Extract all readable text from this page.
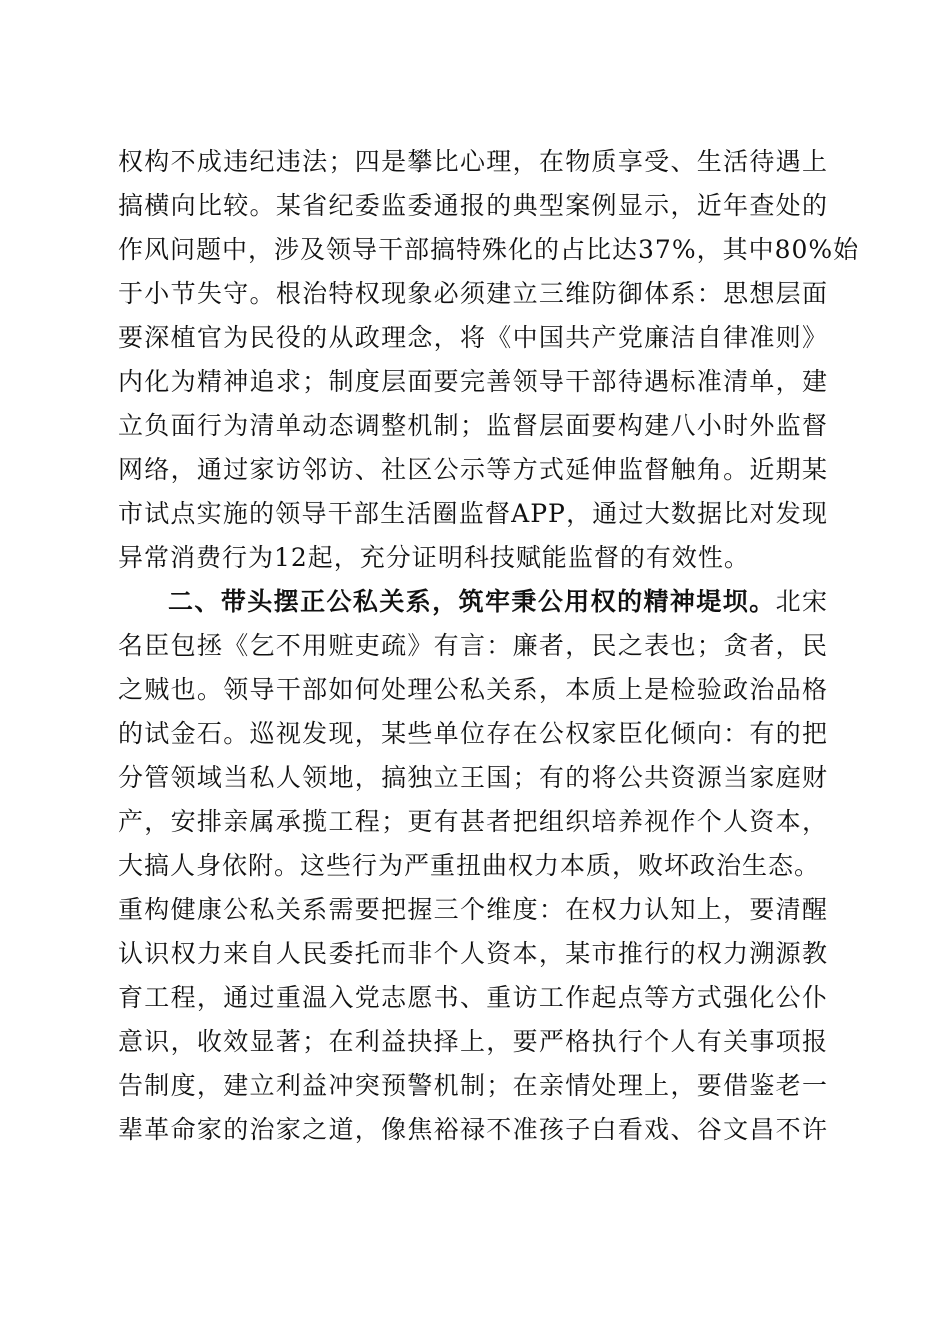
权构不成违纪违法；四是攀比心理，在物质享受、生活待遇上
搞横向比较。某省纪委监委通报的典型案例显示，近年查处的
作风问题中，涉及领导干部搞特殊化的占比达37%，其中80%始
于小节失守。根治特权现象必须建立三维防御体系：思想层面
要深植官为民役的从政理念，将《中国共产党廉洁自律准则》
内化为精神追求；制度层面要完善领导干部待遇标准清单，建
立负面行为清单动态调整机制；监督层面要构建八小时外监督
网络，通过家访邻访、社区公示等方式延伸监督触角。近期某
市试点实施的领导干部生活圈监督APP，通过大数据比对发现
异常消费行为12起，充分证明科技赋能监督的有效性。
二、带头摆正公私关系，筑牢秉公用权的精神堤坝。北宋
名臣包拯《乞不用赃吏疏》有言：廉者，民之表也；贪者，民
之贼也。领导干部如何处理公私关系，本质上是检验政治品格
的试金石。巡视发现，某些单位存在公权家臣化倾向：有的把
分管领域当私人领地，搞独立王国；有的将公共资源当家庭财
产，安排亲属承揽工程；更有甚者把组织培养视作个人资本，
大搞人身依附。这些行为严重扭曲权力本质，败坏政治生态。
重构健康公私关系需要把握三个维度：在权力认知上，要清醒
认识权力来自人民委托而非个人资本，某市推行的权力溯源教
育工程，通过重温入党志愿书、重访工作起点等方式强化公仆
意识，收效显著；在利益抉择上，要严格执行个人有关事项报
告制度，建立利益冲突预警机制；在亲情处理上，要借鉴老一
辈革命家的治家之道，像焦裕禄不准孩子白看戏、谷文昌不许
